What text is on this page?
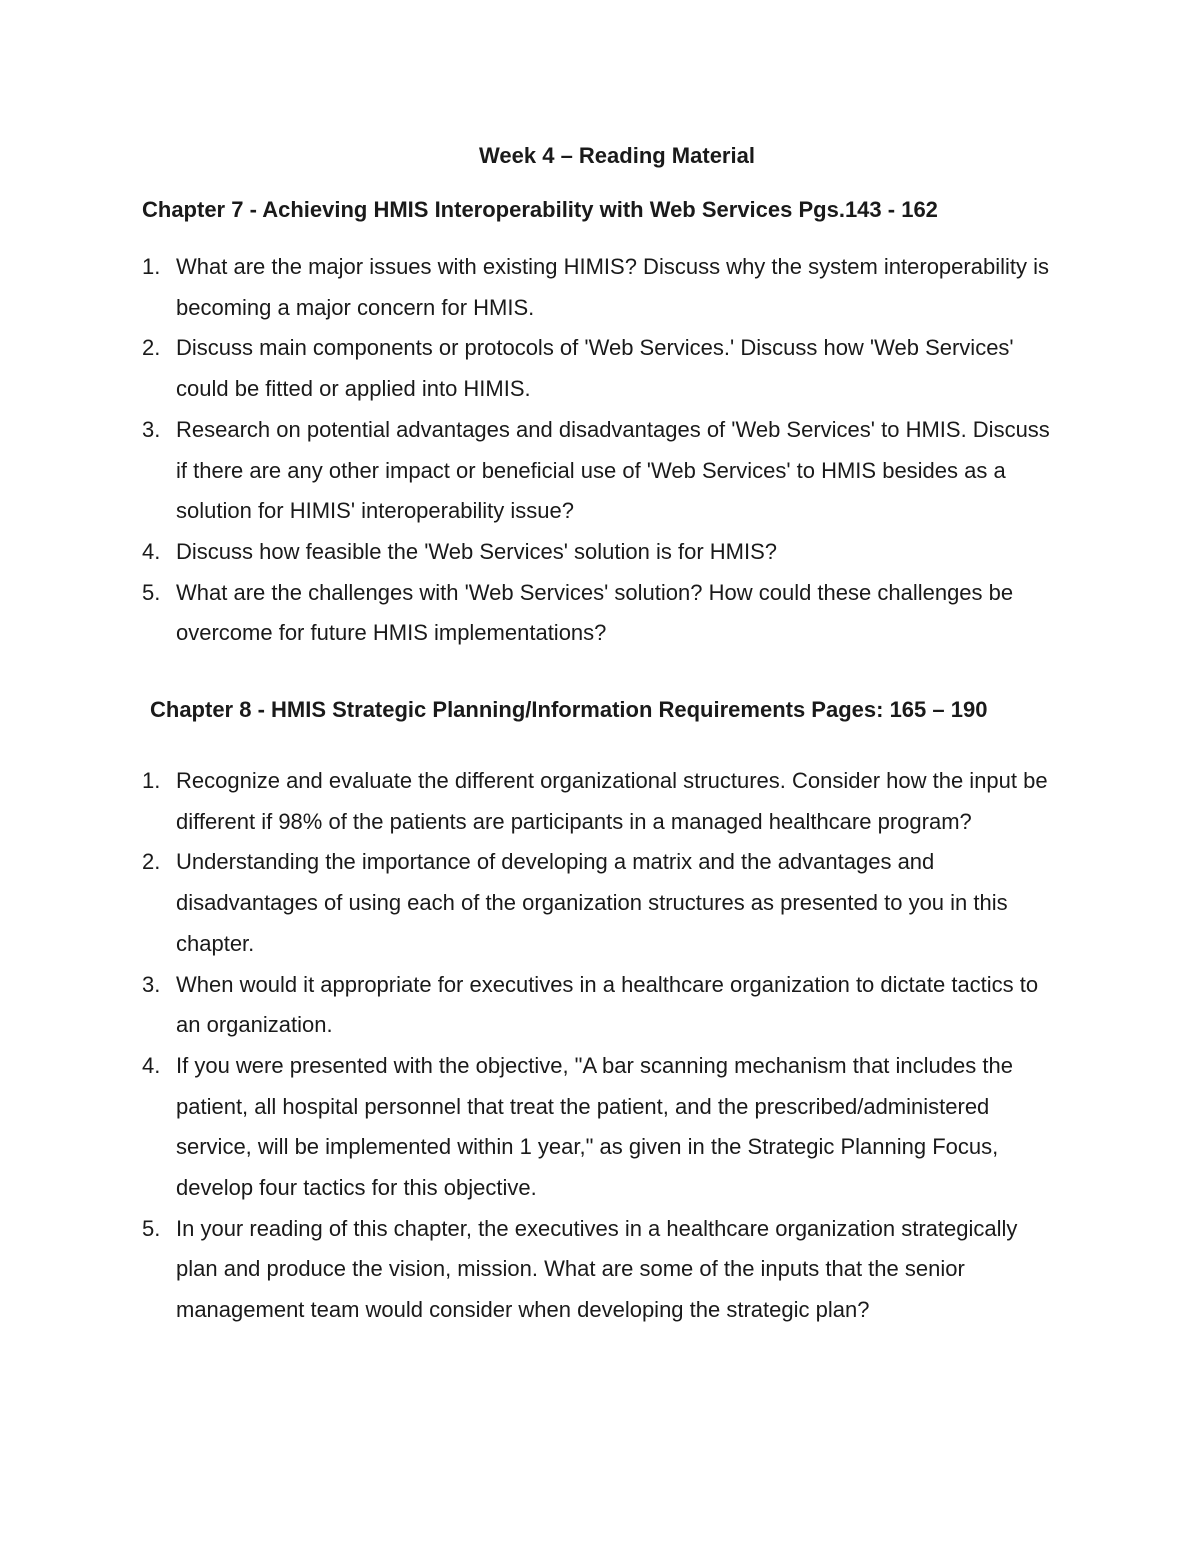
Week 4 – Reading Material
Chapter 7 - Achieving HMIS Interoperability with Web Services Pgs.143 - 162
1. What are the major issues with existing HIMIS? Discuss why the system interoperability is becoming a major concern for HMIS.
2. Discuss main components or protocols of 'Web Services.' Discuss how 'Web Services' could be fitted or applied into HIMIS.
3. Research on potential advantages and disadvantages of 'Web Services' to HMIS. Discuss if there are any other impact or beneficial use of 'Web Services' to HMIS besides as a solution for HIMIS' interoperability issue?
4. Discuss how feasible the 'Web Services' solution is for HMIS?
5. What are the challenges with 'Web Services' solution? How could these challenges be overcome for future HMIS implementations?
Chapter 8 - HMIS Strategic Planning/Information Requirements Pages: 165 – 190
1. Recognize and evaluate the different organizational structures. Consider how the input be different if 98% of the patients are participants in a managed healthcare program?
2. Understanding the importance of developing a matrix and the advantages and disadvantages of using each of the organization structures as presented to you in this chapter.
3. When would it appropriate for executives in a healthcare organization to dictate tactics to an organization.
4. If you were presented with the objective, "A bar scanning mechanism that includes the patient, all hospital personnel that treat the patient, and the prescribed/administered service, will be implemented within 1 year," as given in the Strategic Planning Focus, develop four tactics for this objective.
5. In your reading of this chapter, the executives in a healthcare organization strategically plan and produce the vision, mission. What are some of the inputs that the senior management team would consider when developing the strategic plan?
